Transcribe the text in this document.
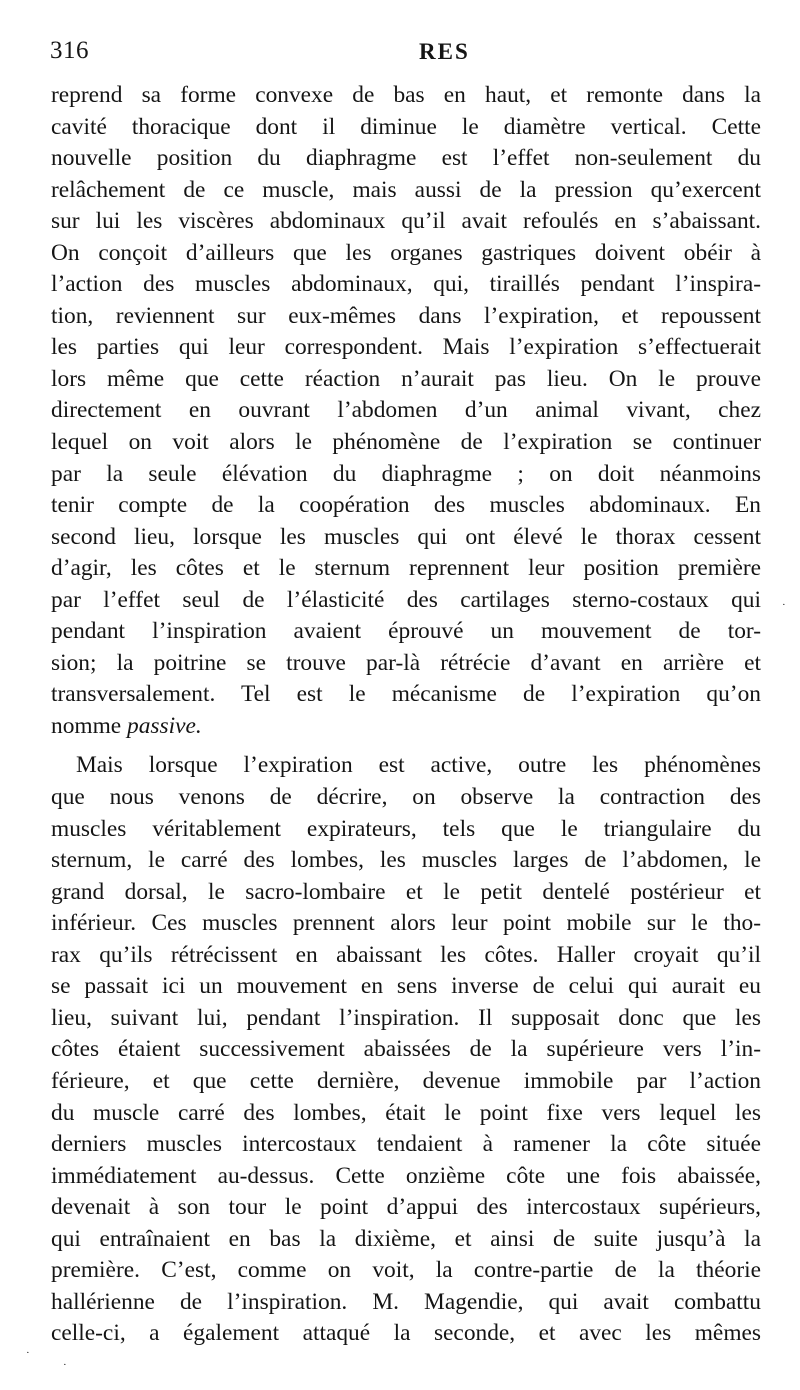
316	RES
reprend sa forme convexe de bas en haut, et remonte dans la
cavité thoracique dont il diminue le diamètre vertical. Cette
nouvelle position du diaphragme est l’effet non-seulement du
relâchement de ce muscle, mais aussi de la pression qu’exercent
sur lui les viscères abdominaux qu’il avait refoulés en s’abaissant.
On conçoit d’ailleurs que les organes gastriques doivent obéir à
l’action des muscles abdominaux, qui, tiraillés pendant l’inspira-
tion, reviennent sur eux-mêmes dans l’expiration, et repoussent
les parties qui leur correspondent. Mais l’expiration s’effectuerait
lors même que cette réaction n’aurait pas lieu. On le prouve
directement en ouvrant l’abdomen d’un animal vivant, chez
lequel on voit alors le phénomène de l’expiration se continuer
par la seule élévation du diaphragme ; on doit néanmoins
tenir compte de la coopération des muscles abdominaux. En
second lieu, lorsque les muscles qui ont élevé le thorax cessent
d’agir, les côtes et le sternum reprennent leur position première
par l’effet seul de l’élasticité des cartilages sterno-costaux qui
pendant l’inspiration avaient éprouvé un mouvement de tor-
sion; la poitrine se trouve par-là rétrécie d’avant en arrière et
transversalement. Tel est le mécanisme de l’expiration qu’on
nomme passive.
Mais lorsque l’expiration est active, outre les phénomènes
que nous venons de décrire, on observe la contraction des
muscles véritablement expirateurs, tels que le triangulaire du
sternum, le carré des lombes, les muscles larges de l’abdomen, le
grand dorsal, le sacro-lombaire et le petit dentelé postérieur et
inférieur. Ces muscles prennent alors leur point mobile sur le tho-
rax qu’ils rétrécissent en abaissant les côtes. Haller croyait qu’il
se passait ici un mouvement en sens inverse de celui qui aurait eu
lieu, suivant lui, pendant l’inspiration. Il supposait donc que les
côtes étaient successivement abaissées de la supérieure vers l’in-
férieure, et que cette dernière, devenue immobile par l’action
du muscle carré des lombes, était le point fixe vers lequel les
derniers muscles intercostaux tendaient à ramener la côte située
immédiatement au-dessus. Cette onzième côte une fois abaissée,
devenait à son tour le point d’appui des intercostaux supérieurs,
qui entraînaient en bas la dixième, et ainsi de suite jusqu’à la
première. C’est, comme on voit, la contre-partie de la théorie
hallérienne de l’inspiration. M. Magendie, qui avait combattu
celle-ci, a également attaqué la seconde, et avec les mêmes
·
·
·
